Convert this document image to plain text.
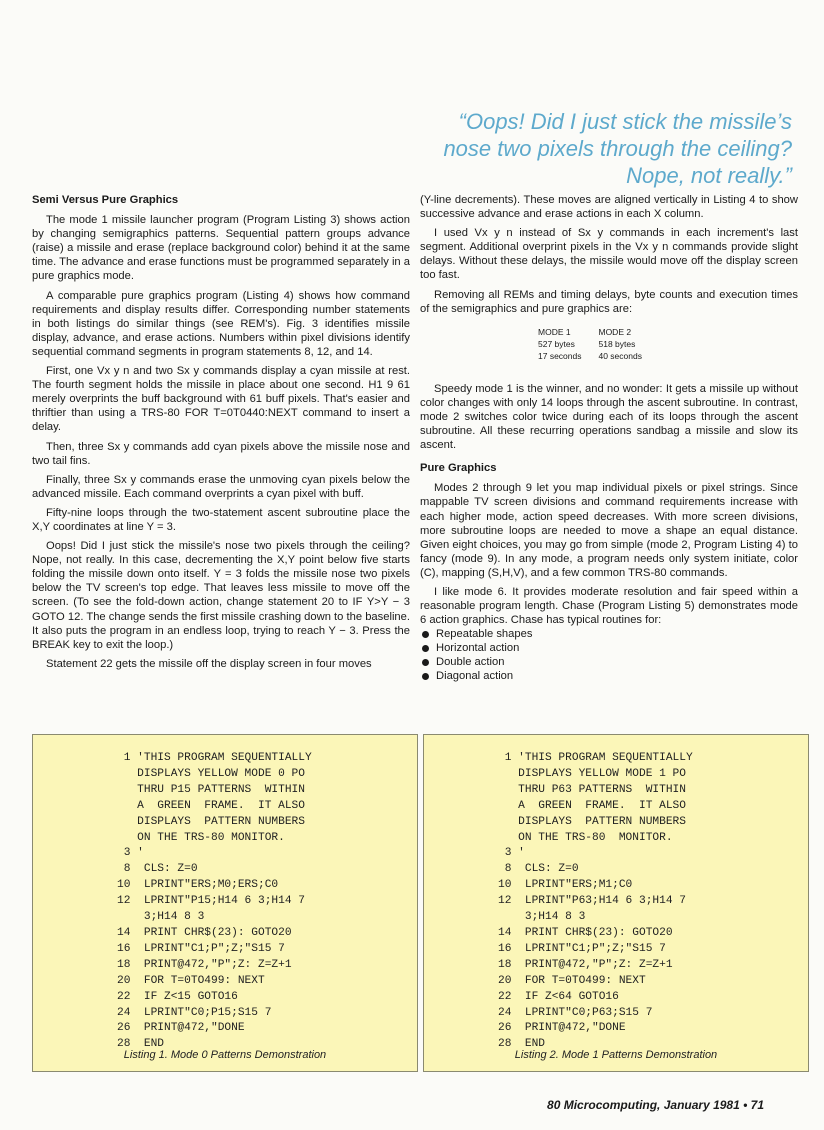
“Oops! Did I just stick the missile’s
nose two pixels through the ceiling?
Nope, not really.”
Semi Versus Pure Graphics

The mode 1 missile launcher program (Program Listing 3) shows action by changing semigraphics patterns. Sequential pattern groups advance (raise) a missile and erase (replace background color) behind it at the same time. The advance and erase functions must be programmed separately in a pure graphics mode.

A comparable pure graphics program (Listing 4) shows how command requirements and display results differ. Corresponding number statements in both listings do similar things (see REM's). Fig. 3 identifies missile display, advance, and erase actions. Numbers within pixel divisions identify sequential command segments in program statements 8, 12, and 14.

First, one Vx y n and two Sx y commands display a cyan missile at rest. The fourth segment holds the missile in place about one second. H1 9 61 merely overprints the buff background with 61 buff pixels. That's easier and thriftier than using a TRS-80 FOR T=0T0440:NEXT command to insert a delay.

Then, three Sx y commands add cyan pixels above the missile nose and two tail fins.

Finally, three Sx y commands erase the unmoving cyan pixels below the advanced missile. Each command overprints a cyan pixel with buff.

Fifty-nine loops through the two-statement ascent subroutine place the X,Y coordinates at line Y = 3.

Oops! Did I just stick the missile's nose two pixels through the ceiling? Nope, not really. In this case, decrementing the X,Y point below five starts folding the missile down onto itself. Y = 3 folds the missile nose two pixels below the TV screen's top edge. That leaves less missile to move off the screen. (To see the fold-down action, change statement 20 to IF Y>Y − 3 GOTO 12. The change sends the first missile crashing down to the baseline. It also puts the program in an endless loop, trying to reach Y − 3. Press the BREAK key to exit the loop.)

Statement 22 gets the missile off the display screen in four moves

(Y-line decrements). These moves are aligned vertically in Listing 4 to show successive advance and erase actions in each X column.

I used Vx y n instead of Sx y commands in each increment's last segment. Additional overprint pixels in the Vx y n commands provide slight delays. Without these delays, the missile would move off the display screen too fast.

Removing all REMs and timing delays, byte counts and execution times of the semigraphics and pure graphics are:

MODE 1	MODE 2
527 bytes	518 bytes
17 seconds	40 seconds

Speedy mode 1 is the winner, and no wonder: It gets a missile up without color changes with only 14 loops through the ascent subroutine. In contrast, mode 2 switches color twice during each of its loops through the ascent subroutine. All these recurring operations sandbag a missile and slow its ascent.

Pure Graphics

Modes 2 through 9 let you map individual pixels or pixel strings. Since mappable TV screen divisions and command requirements increase with each higher mode, action speed decreases. With more screen divisions, more subroutine loops are needed to move a shape an equal distance. Given eight choices, you may go from simple (mode 2, Program Listing 4) to fancy (mode 9). In any mode, a program needs only system initiate, color (C), mapping (S,H,V), and a few common TRS-80 commands.

I like mode 6. It provides moderate resolution and fair speed within a reasonable program length. Chase (Program Listing 5) demonstrates mode 6 action graphics. Chase has typical routines for:

Repeatable shapes
Horizontal action
Double action
Diagonal action
1 'THIS PROGRAM SEQUENTIALLY
DISPLAYS YELLOW MODE 0 PO
THRU P15 PATTERNS  WITHIN
A  GREEN  FRAME.  IT ALSO
DISPLAYS  PATTERN NUMBERS
ON THE TRS-80 MONITOR.
3 '
8  CLS: Z=0
10  LPRINT"ERS;M0;ERS;C0
12  LPRINT"P15;H14 6 3;H14 7
3;H14 8 3
14  PRINT CHR$(23): GOTO20
16  LPRINT"C1;P";Z;"S15 7
18  PRINT@472,"P";Z: Z=Z+1
20  FOR T=0TO499: NEXT
22  IF Z<15 GOTO16
24  LPRINT"C0;P15;S15 7
26  PRINT@472,"DONE
28  END
Listing 1. Mode 0 Patterns Demonstration
1 'THIS PROGRAM SEQUENTIALLY
DISPLAYS YELLOW MODE 1 PO
THRU P63 PATTERNS  WITHIN
A  GREEN  FRAME.  IT ALSO
DISPLAYS  PATTERN NUMBERS
ON THE TRS-80  MONITOR.
3 '
8  CLS: Z=0
10  LPRINT"ERS;M1;C0
12  LPRINT"P63;H14 6 3;H14 7
3;H14 8 3
14  PRINT CHR$(23): GOTO20
16  LPRINT"C1;P";Z;"S15 7
18  PRINT@472,"P";Z: Z=Z+1
20  FOR T=0TO499: NEXT
22  IF Z<64 GOTO16
24  LPRINT"C0;P63;S15 7
26  PRINT@472,"DONE
28  END
Listing 2. Mode 1 Patterns Demonstration
80 Microcomputing, January 1981 • 71
